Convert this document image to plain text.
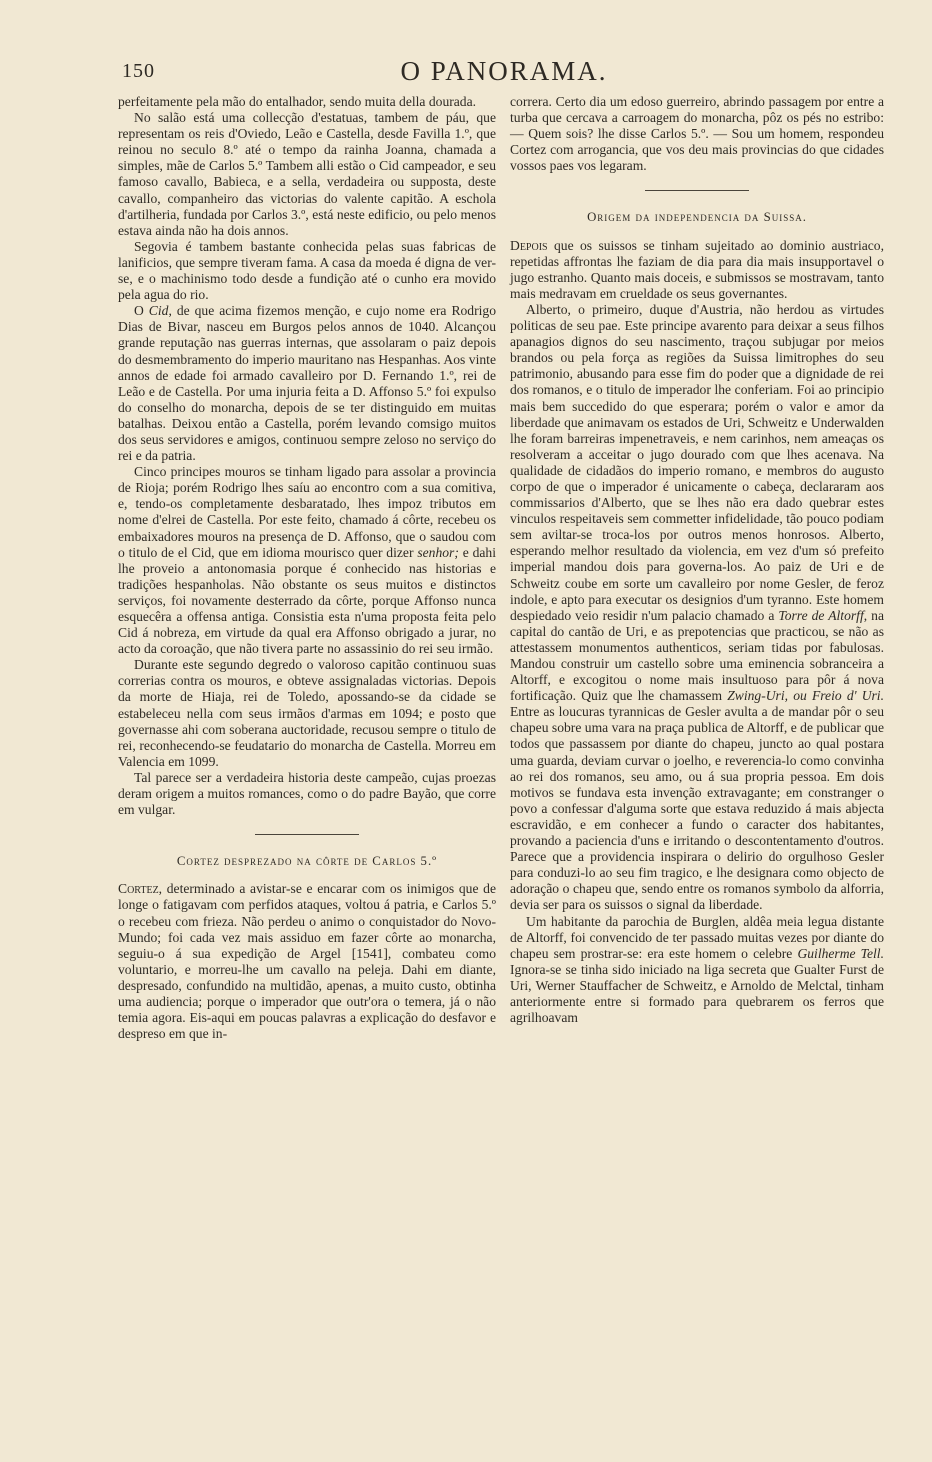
150	O PANORAMA.

perfeitamente pela mão do entalhador, sendo muita della dourada.

No salão está uma collecção d'estatuas, tambem de páu, que representam os reis d'Oviedo, Leão e Castella, desde Favilla 1.º, que reinou no seculo 8.º até o tempo da rainha Joanna, chamada a simples, mãe de Carlos 5.º Tambem alli estão o Cid campeador, e seu famoso cavallo, Babieca, e a sella, verdadeira ou supposta, deste cavallo, companheiro das victorias do valente capitão. A eschola d'artilheria, fundada por Carlos 3.º, está neste edificio, ou pelo menos estava ainda não ha dois annos.

Segovia é tambem bastante conhecida pelas suas fabricas de lanificios, que sempre tiveram fama. A casa da moeda é digna de ver-se, e o machinismo todo desde a fundição até o cunho era movido pela agua do rio.

O Cid, de que acima fizemos menção, e cujo nome era Rodrigo Dias de Bivar, nasceu em Burgos pelos annos de 1040. Alcançou grande reputação nas guerras internas, que assolaram o paiz depois do desmembramento do imperio mauritano nas Hespanhas. Aos vinte annos de edade foi armado cavalleiro por D. Fernando 1.º, rei de Leão e de Castella. Por uma injuria feita a D. Affonso 5.º foi expulso do conselho do monarcha, depois de se ter distinguido em muitas batalhas. Deixou então a Castella, porém levando comsigo muitos dos seus servidores e amigos, continuou sempre zeloso no serviço do rei e da patria.

Cinco principes mouros se tinham ligado para assolar a provincia de Rioja; porém Rodrigo lhes saíu ao encontro com a sua comitiva, e, tendo-os completamente desbaratado, lhes impoz tributos em nome d'elrei de Castella. Por este feito, chamado á côrte, recebeu os embaixadores mouros na presença de D. Affonso, que o saudou com o titulo de el Cid, que em idioma mourisco quer dizer senhor; e dahi lhe proveio a antonomasia porque é conhecido nas historias e tradições hespanholas. Não obstante os seus muitos e distinctos serviços, foi novamente desterrado da côrte, porque Affonso nunca esquecêra a offensa antiga. Consistia esta n'uma proposta feita pelo Cid á nobreza, em virtude da qual era Affonso obrigado a jurar, no acto da coroação, que não tivera parte no assassinio do rei seu irmão.

Durante este segundo degredo o valoroso capitão continuou suas correrias contra os mouros, e obteve assignaladas victorias. Depois da morte de Hiaja, rei de Toledo, apossando-se da cidade se estabeleceu nella com seus irmãos d'armas em 1094; e posto que governasse ahi com soberana auctoridade, recusou sempre o titulo de rei, reconhecendo-se feudatario do monarcha de Castella. Morreu em Valencia em 1099.

Tal parece ser a verdadeira historia deste campeão, cujas proezas deram origem a muitos romances, como o do padre Bayão, que corre em vulgar.

Cortez desprezado na côrte de Carlos 5.º

Cortez, determinado a avistar-se e encarar com os inimigos que de longe o fatigavam com perfidos ataques, voltou á patria, e Carlos 5.º o recebeu com frieza. Não perdeu o animo o conquistador do Novo-Mundo; foi cada vez mais assiduo em fazer côrte ao monarcha, seguiu-o á sua expedição de Argel [1541], combateu como voluntario, e morreu-lhe um cavallo na peleja. Dahi em diante, despresado, confundido na multidão, apenas, a muito custo, obtinha uma audiencia; porque o imperador que outr'ora o temera, já o não temia agora. Eis-aqui em poucas palavras a explicação do desfavor e despreso em que in-

correra. Certo dia um edoso guerreiro, abrindo passagem por entre a turba que cercava a carroagem do monarcha, pôz os pés no estribo: — Quem sois? lhe disse Carlos 5.º. — Sou um homem, respondeu Cortez com arrogancia, que vos deu mais provincias do que cidades vossos paes vos legaram.

Origem da independencia da Suissa.

Depois que os suissos se tinham sujeitado ao dominio austriaco, repetidas affrontas lhe faziam de dia para dia mais insupportavel o jugo estranho. Quanto mais doceis, e submissos se mostravam, tanto mais medravam em crueldade os seus governantes.

Alberto, o primeiro, duque d'Austria, não herdou as virtudes politicas de seu pae. Este principe avarento para deixar a seus filhos apanagios dignos do seu nascimento, traçou subjugar por meios brandos ou pela força as regiões da Suissa limitrophes do seu patrimonio, abusando para esse fim do poder que a dignidade de rei dos romanos, e o titulo de imperador lhe conferiam. Foi ao principio mais bem succedido do que esperara; porém o valor e amor da liberdade que animavam os estados de Uri, Schweitz e Underwalden lhe foram barreiras impenetraveis, e nem carinhos, nem ameaças os resolveram a acceitar o jugo dourado com que lhes acenava. Na qualidade de cidadãos do imperio romano, e membros do augusto corpo de que o imperador é unicamente o cabeça, declararam aos commissarios d'Alberto, que se lhes não era dado quebrar estes vinculos respeitaveis sem commetter infidelidade, tão pouco podiam sem aviltar-se troca-los por outros menos honrosos. Alberto, esperando melhor resultado da violencia, em vez d'um só prefeito imperial mandou dois para governa-los. Ao paiz de Uri e de Schweitz coube em sorte um cavalleiro por nome Gesler, de feroz indole, e apto para executar os designios d'um tyranno. Este homem despiedado veio residir n'um palacio chamado a Torre de Altorff, na capital do cantão de Uri, e as prepotencias que practicou, se não as attestassem monumentos authenticos, seriam tidas por fabulosas. Mandou construir um castello sobre uma eminencia sobranceira a Altorff, e excogitou o nome mais insultuoso para pôr á nova fortificação. Quiz que lhe chamassem Zwing-Uri, ou Freio d' Uri. Entre as loucuras tyrannicas de Gesler avulta a de mandar pôr o seu chapeu sobre uma vara na praça publica de Altorff, e de publicar que todos que passassem por diante do chapeu, juncto ao qual postara uma guarda, deviam curvar o joelho, e reverencia-lo como convinha ao rei dos romanos, seu amo, ou á sua propria pessoa. Em dois motivos se fundava esta invenção extravagante; em constranger o povo a confessar d'alguma sorte que estava reduzido á mais abjecta escravidão, e em conhecer a fundo o caracter dos habitantes, provando a paciencia d'uns e irritando o descontentamento d'outros. Parece que a providencia inspirara o delirio do orgulhoso Gesler para conduzi-lo ao seu fim tragico, e lhe designara como objecto de adoração o chapeu que, sendo entre os romanos symbolo da alforria, devia ser para os suissos o signal da liberdade.

Um habitante da parochia de Burglen, aldêa meia legua distante de Altorff, foi convencido de ter passado muitas vezes por diante do chapeu sem prostrar-se: era este homem o celebre Guilherme Tell. Ignora-se se tinha sido iniciado na liga secreta que Gualter Furst de Uri, Werner Stauffacher de Schweitz, e Arnoldo de Melctal, tinham anteriormente entre si formado para quebrarem os ferros que agrilhoavam
